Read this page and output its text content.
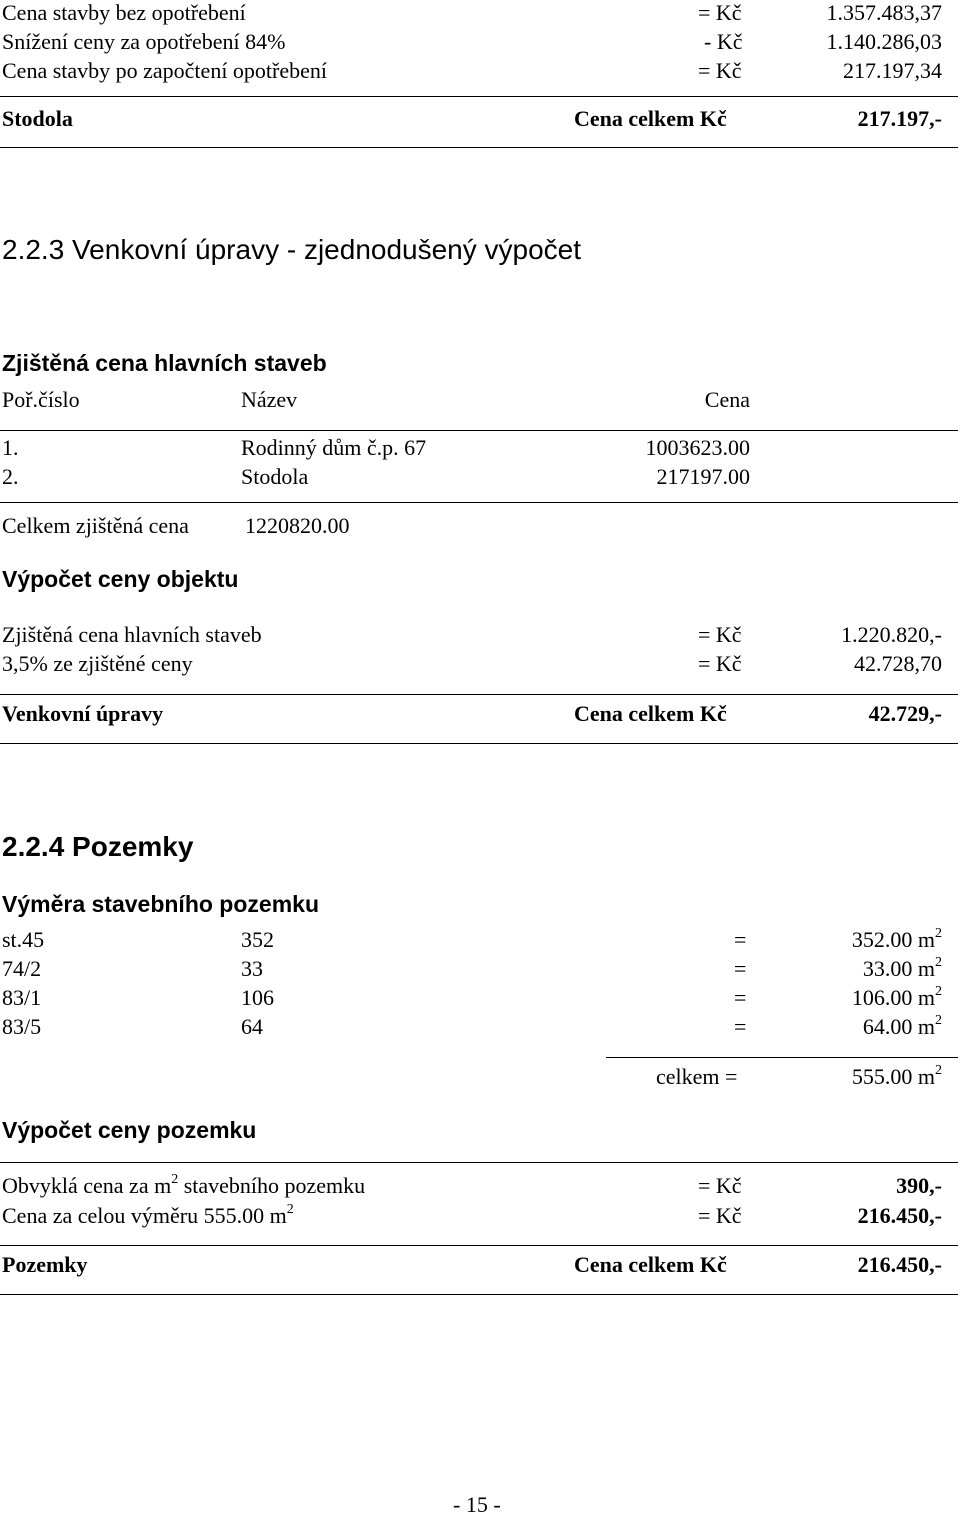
Cena stavby bez opotřebení	= Kč	1.357.483,37
Snížení ceny za opotřebení 84%	- Kč	1.140.286,03
Cena stavby po započtení opotřebení	= Kč	217.197,34
Stodola	Cena celkem Kč	217.197,-
2.2.3 Venkovní úpravy - zjednodušený výpočet
Zjištěná cena hlavních staveb
Poř.číslo	Název	Cena
1.	Rodinný dům č.p. 67	1003623.00
2.	Stodola	217197.00
Celkem zjištěná cena	1220820.00
Výpočet ceny objektu
Zjištěná cena hlavních staveb	= Kč	1.220.820,-
3,5% ze zjištěné ceny	= Kč	42.728,70
Venkovní úpravy	Cena celkem Kč	42.729,-
2.2.4 Pozemky
Výměra stavebního pozemku
st.45	352	=	352.00 $m^2$
74/2	33	=	33.00 $m^2$
83/1	106	=	106.00 $m^2$
83/5	64	=	64.00 $m^2$
celkem =	555.00 $m^2$
Výpočet ceny pozemku
Obvyklá cena za $m^2$ stavebního pozemku	= Kč	390,-
Cena za celou výměru 555.00 $m^2$	= Kč	216.450,-
Pozemky	Cena celkem Kč	216.450,-
- 15 -
